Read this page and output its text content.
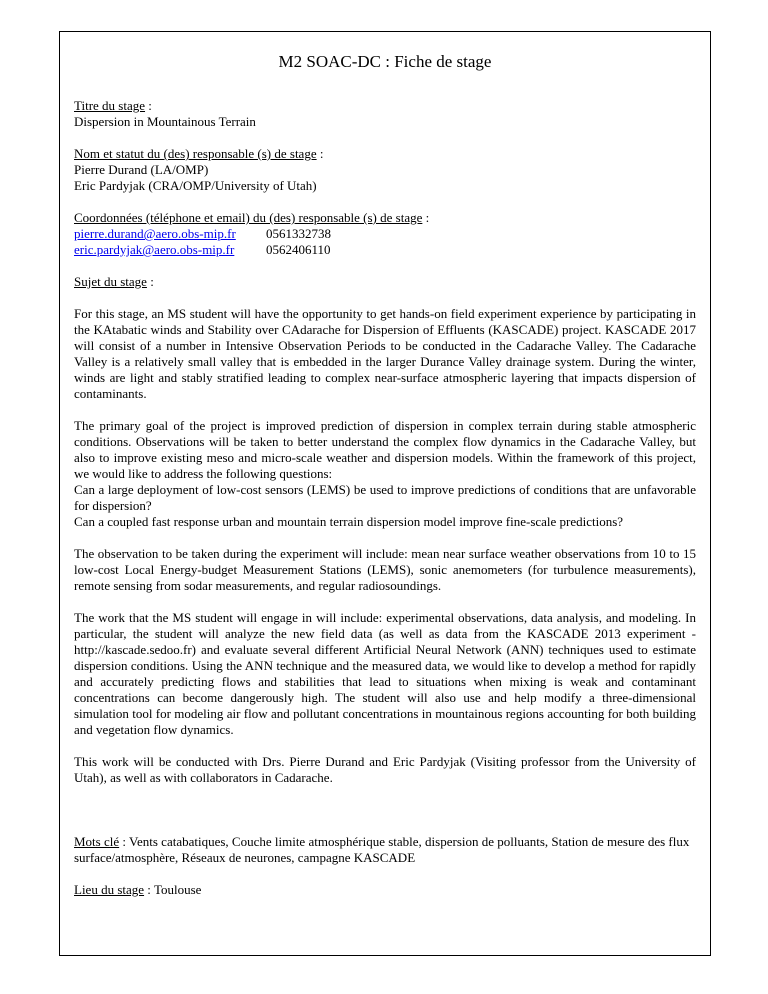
M2 SOAC-DC : Fiche de stage
Titre du stage :
Dispersion in Mountainous Terrain
Nom et statut du (des) responsable (s) de stage :
Pierre Durand (LA/OMP)
Eric Pardyjak (CRA/OMP/University of Utah)
Coordonnées (téléphone et email) du (des) responsable (s) de stage :
pierre.durand@aero.obs-mip.fr 0561332738
eric.pardyjak@aero.obs-mip.fr 0562406110
Sujet du stage :

For this stage, an MS student will have the opportunity to get hands-on field experiment experience by participating in the KAtabatic winds and Stability over CAdarache for Dispersion of Effluents (KASCADE) project. KASCADE 2017 will consist of a number in Intensive Observation Periods to be conducted in the Cadarache Valley. The Cadarache Valley is a relatively small valley that is embedded in the larger Durance Valley drainage system. During the winter, winds are light and stably stratified leading to complex near-surface atmospheric layering that impacts dispersion of contaminants.

The primary goal of the project is improved prediction of dispersion in complex terrain during stable atmospheric conditions. Observations will be taken to better understand the complex flow dynamics in the Cadarache Valley, but also to improve existing meso and micro-scale weather and dispersion models. Within the framework of this project, we would like to address the following questions:
Can a large deployment of low-cost sensors (LEMS) be used to improve predictions of conditions that are unfavorable for dispersion?
Can a coupled fast response urban and mountain terrain dispersion model improve fine-scale predictions?

The observation to be taken during the experiment will include: mean near surface weather observations from 10 to 15 low-cost Local Energy-budget Measurement Stations (LEMS), sonic anemometers (for turbulence measurements), remote sensing from sodar measurements, and regular radiosoundings.

The work that the MS student will engage in will include: experimental observations, data analysis, and modeling. In particular, the student will analyze the new field data (as well as data from the KASCADE 2013 experiment - http://kascade.sedoo.fr) and evaluate several different Artificial Neural Network (ANN) techniques used to estimate dispersion conditions. Using the ANN technique and the measured data, we would like to develop a method for rapidly and accurately predicting flows and stabilities that lead to situations when mixing is weak and contaminant concentrations can become dangerously high. The student will also use and help modify a three-dimensional simulation tool for modeling air flow and pollutant concentrations in mountainous regions accounting for both building and vegetation flow dynamics.

This work will be conducted with Drs. Pierre Durand and Eric Pardyjak (Visiting professor from the University of Utah), as well as with collaborators in Cadarache.

Mots clé : Vents catabatiques, Couche limite atmosphérique stable, dispersion de polluants, Station de mesure des flux surface/atmosphère, Réseaux de neurones, campagne KASCADE
Lieu du stage : Toulouse
